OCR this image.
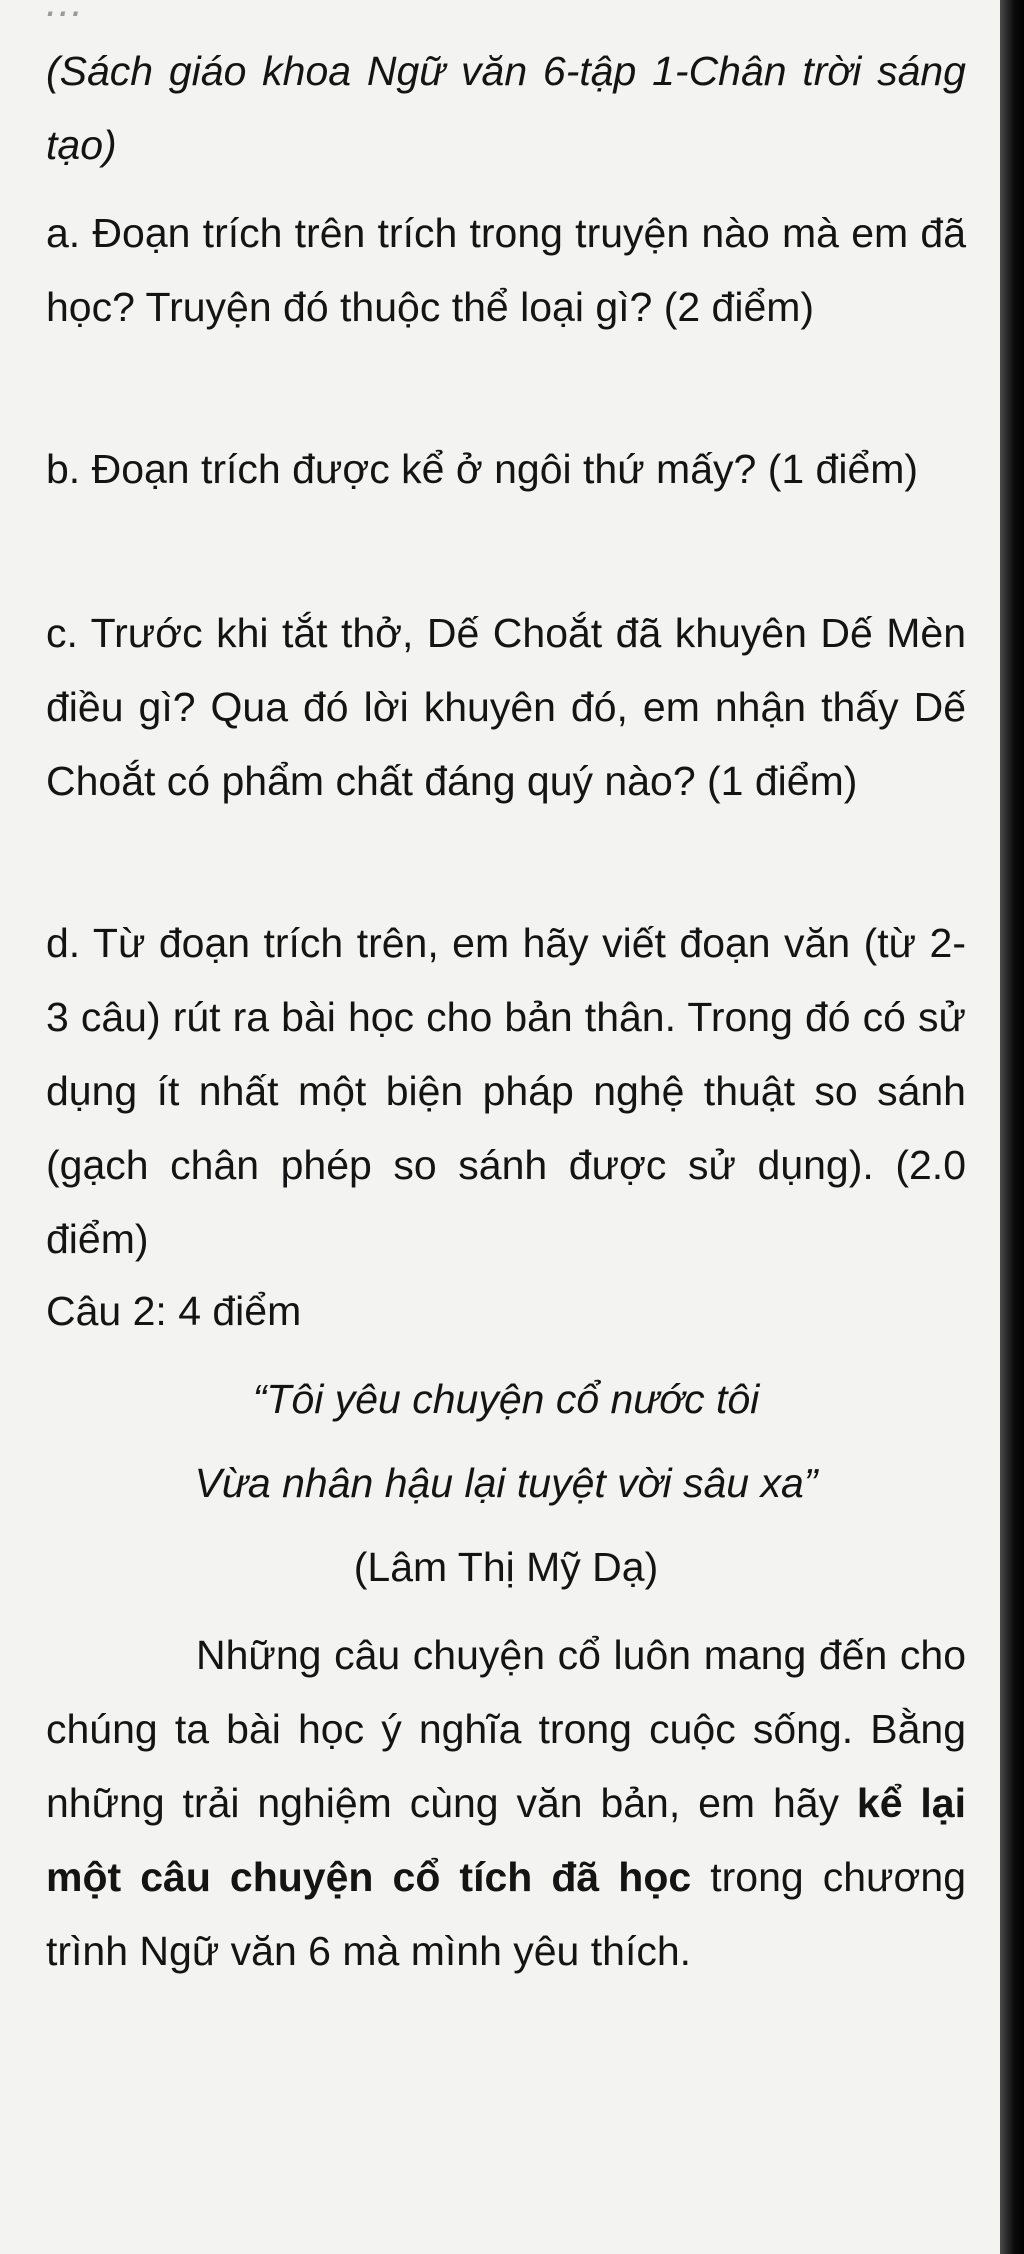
...
(Sách giáo khoa Ngữ văn 6-tập 1-Chân trời sáng tạo)
a. Đoạn trích trên trích trong truyện nào mà em đã học? Truyện đó thuộc thể loại gì? (2 điểm)
b. Đoạn trích được kể ở ngôi thứ mấy? (1 điểm)
c. Trước khi tắt thở, Dế Choắt đã khuyên Dế Mèn điều gì? Qua đó lời khuyên đó, em nhận thấy Dế Choắt có phẩm chất đáng quý nào? (1 điểm)
d. Từ đoạn trích trên, em hãy viết đoạn văn (từ 2-3 câu) rút ra bài học cho bản thân. Trong đó có sử dụng ít nhất một biện pháp nghệ thuật so sánh (gạch chân phép so sánh được sử dụng). (2.0 điểm)
Câu 2: 4 điểm
“Tôi yêu chuyện cổ nước tôi
Vừa nhân hậu lại tuyệt vời sâu xa”
(Lâm Thị Mỹ Dạ)
Những câu chuyện cổ luôn mang đến cho chúng ta bài học ý nghĩa trong cuộc sống. Bằng những trải nghiệm cùng văn bản, em hãy kể lại một câu chuyện cổ tích đã học trong chương trình Ngữ văn 6 mà mình yêu thích.
